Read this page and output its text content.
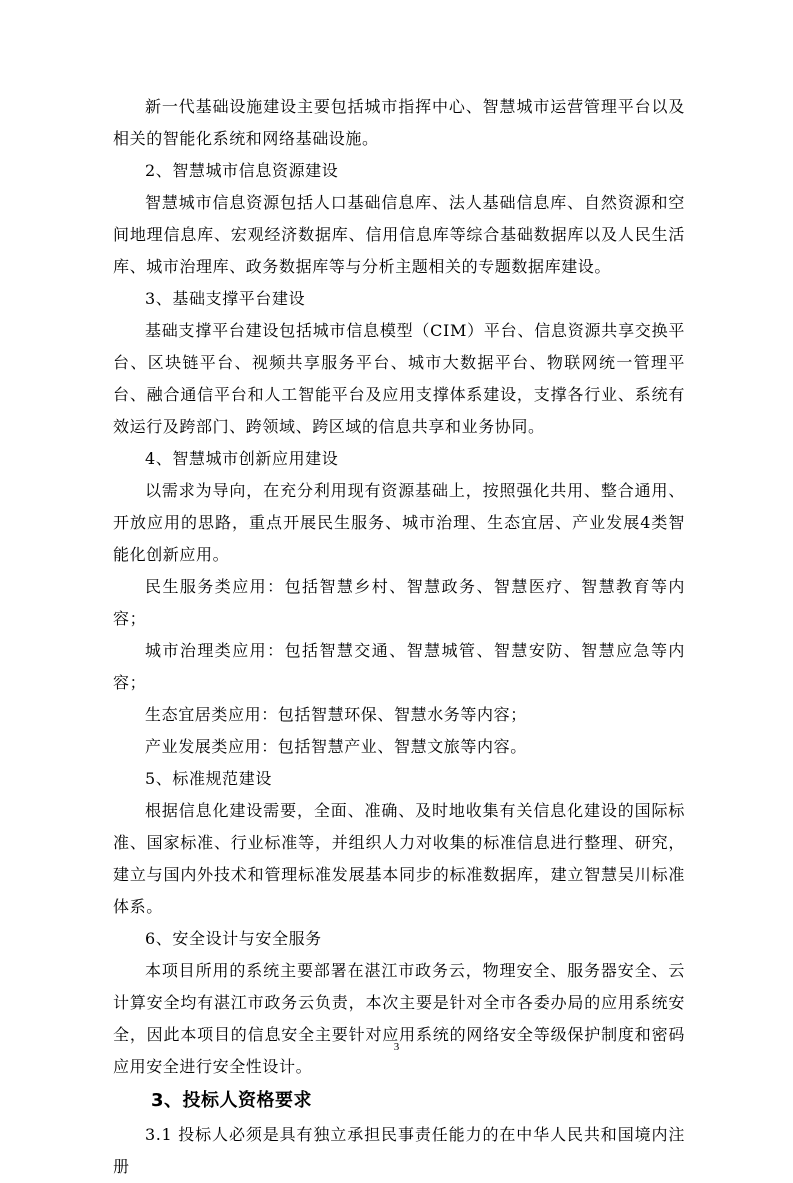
新一代基础设施建设主要包括城市指挥中心、智慧城市运营管理平台以及相关的智能化系统和网络基础设施。

2、智慧城市信息资源建设

智慧城市信息资源包括人口基础信息库、法人基础信息库、自然资源和空间地理信息库、宏观经济数据库、信用信息库等综合基础数据库以及人民生活库、城市治理库、政务数据库等与分析主题相关的专题数据库建设。

3、基础支撑平台建设

基础支撑平台建设包括城市信息模型（CIM）平台、信息资源共享交换平台、区块链平台、视频共享服务平台、城市大数据平台、物联网统一管理平台、融合通信平台和人工智能平台及应用支撑体系建设，支撑各行业、系统有效运行及跨部门、跨领域、跨区域的信息共享和业务协同。

4、智慧城市创新应用建设

以需求为导向，在充分利用现有资源基础上，按照强化共用、整合通用、开放应用的思路，重点开展民生服务、城市治理、生态宜居、产业发展4类智能化创新应用。

民生服务类应用：包括智慧乡村、智慧政务、智慧医疗、智慧教育等内容；

城市治理类应用：包括智慧交通、智慧城管、智慧安防、智慧应急等内容；

生态宜居类应用：包括智慧环保、智慧水务等内容；

产业发展类应用：包括智慧产业、智慧文旅等内容。

5、标准规范建设

根据信息化建设需要，全面、准确、及时地收集有关信息化建设的国际标准、国家标准、行业标准等，并组织人力对收集的标准信息进行整理、研究，建立与国内外技术和管理标准发展基本同步的标准数据库，建立智慧吴川标准体系。

6、安全设计与安全服务

本项目所用的系统主要部署在湛江市政务云，物理安全、服务器安全、云计算安全均有湛江市政务云负责，本次主要是针对全市各委办局的应用系统安全，因此本项目的信息安全主要针对应用系统的网络安全等级保护制度和密码应用安全进行安全性设计。

3、投标人资格要求

3.1 投标人必须是具有独立承担民事责任能力的在中华人民共和国境内注册

3
